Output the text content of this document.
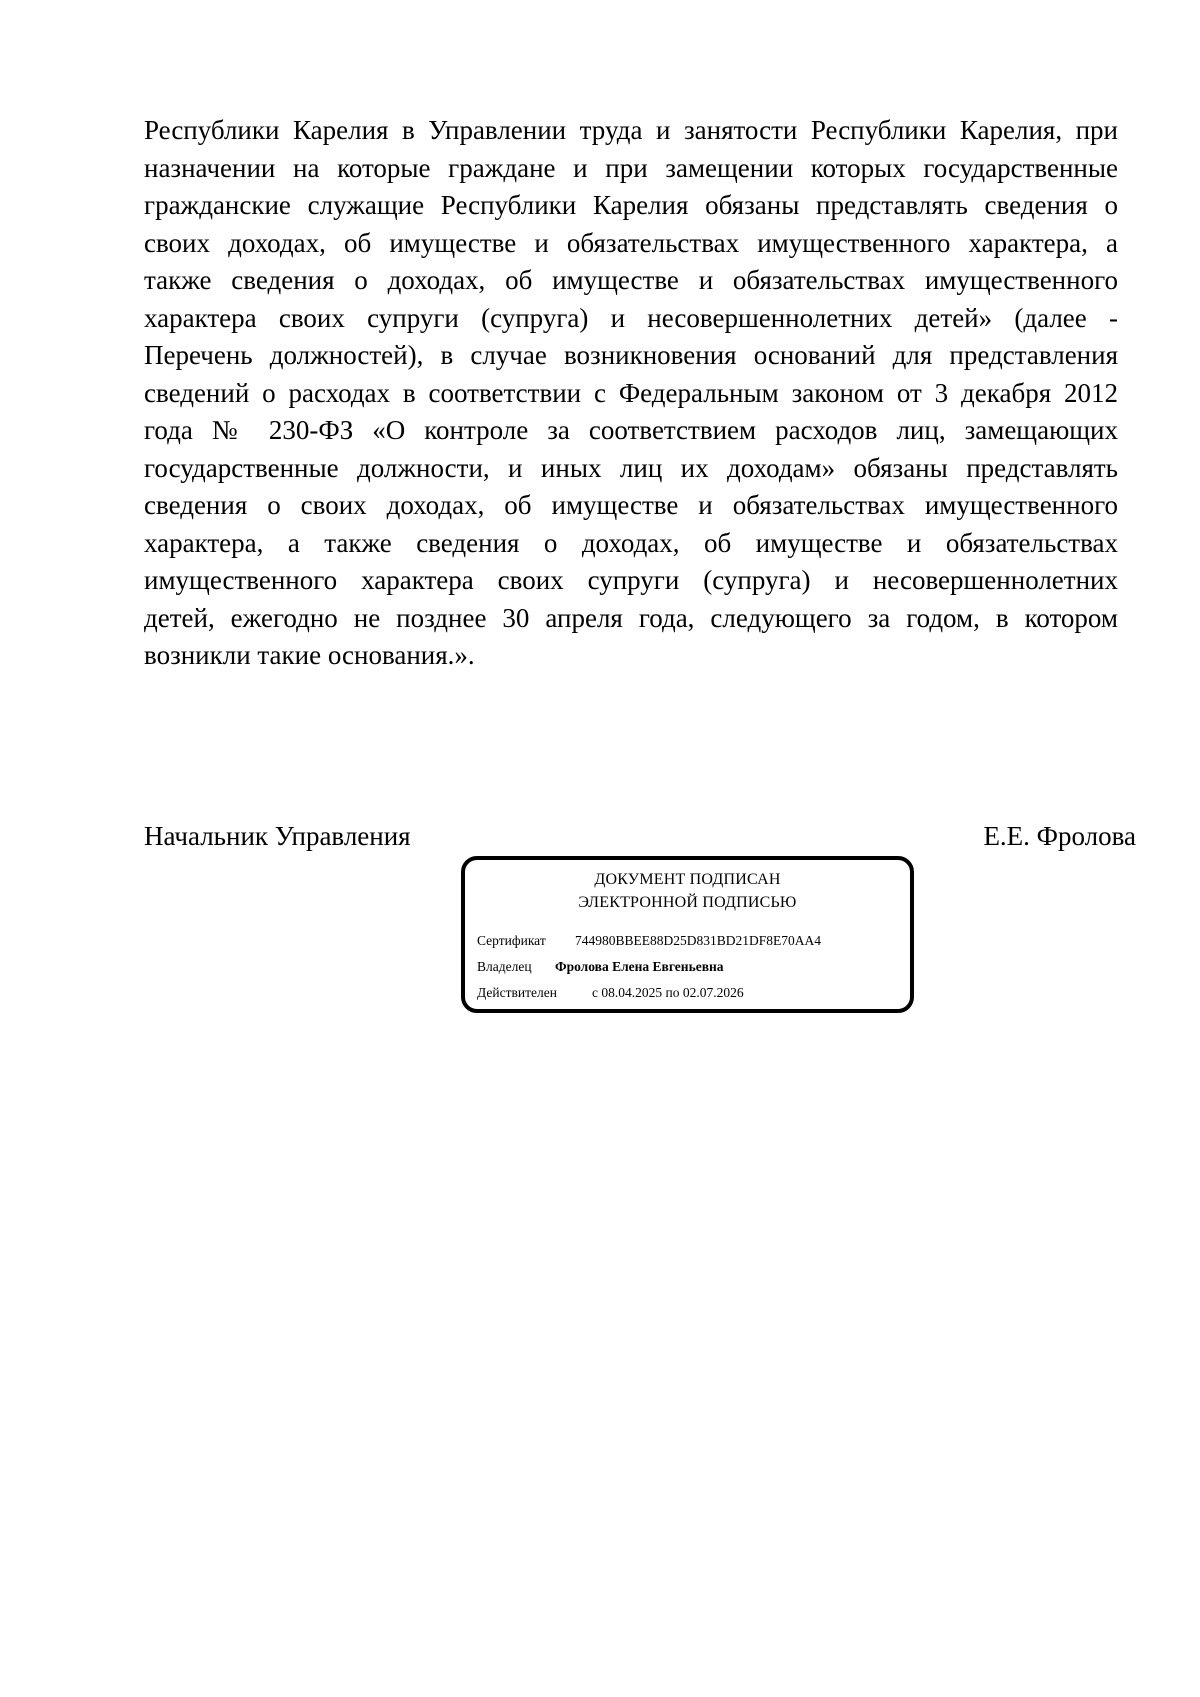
Республики Карелия в Управлении труда и занятости Республики Карелия, при
назначении на которые граждане и при замещении которых государственные
гражданские служащие Республики Карелия обязаны представлять сведения о
своих доходах, об имуществе и обязательствах имущественного характера, а
также сведения о доходах, об имуществе и обязательствах имущественного
характера своих супруги (супруга) и несовершеннолетних детей» (далее -
Перечень должностей), в случае возникновения оснований для представления
сведений о расходах в соответствии с Федеральным законом от 3 декабря 2012
года № 230-ФЗ «О контроле за соответствием расходов лиц, замещающих
государственные должности, и иных лиц их доходам» обязаны представлять
сведения о своих доходах, об имуществе и обязательствах имущественного
характера, а также сведения о доходах, об имуществе и обязательствах
имущественного характера своих супруги (супруга) и несовершеннолетних
детей, ежегодно не позднее 30 апреля года, следующего за годом, в котором
возникли такие основания.».
Начальник Управления	Е.Е. Фролова
ДОКУМЕНТ ПОДПИСАН
ЭЛЕКТРОННОЙ ПОДПИСЬЮ
Сертификат 744980BBEE88D25D831BD21DF8E70AA4
Владелец Фролова Елена Евгеньевна
Действителен	с 08.04.2025 по 02.07.2026
